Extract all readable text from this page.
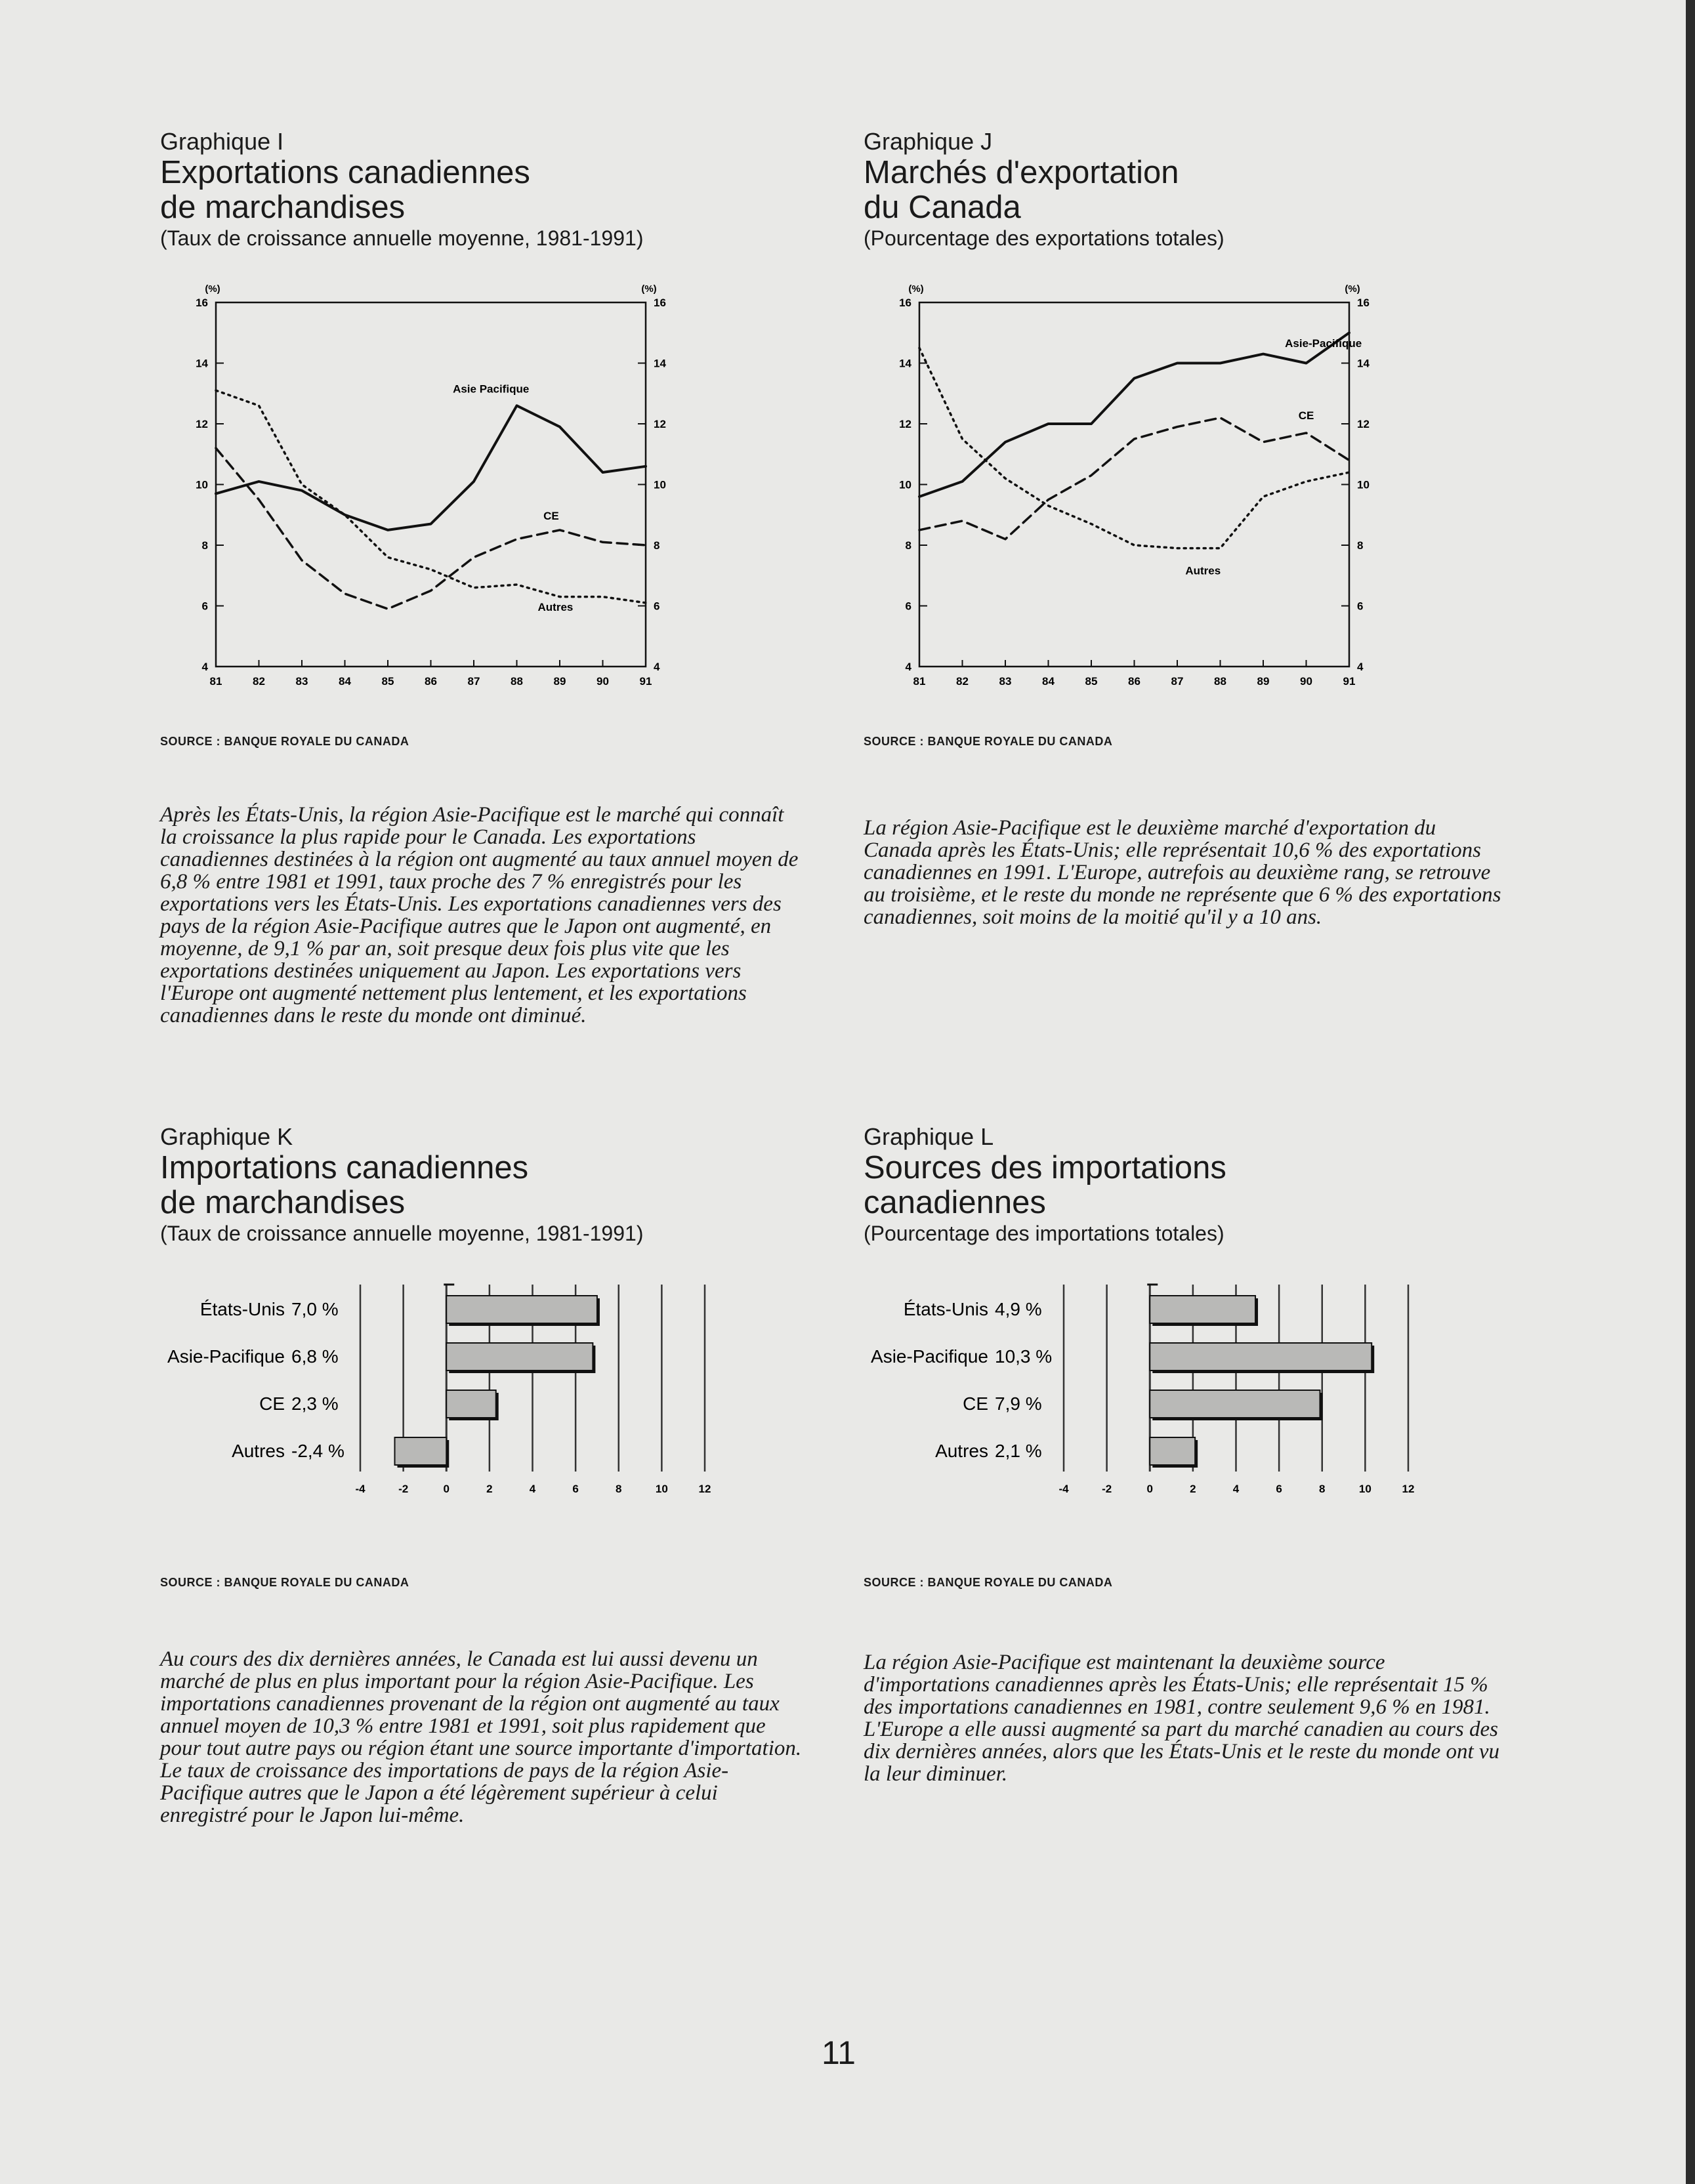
Graphique I
Exportations canadiennes
de marchandises

(Taux de croissance annuelle moyenne, 1981-1991)

(%)	(%)
4	4
6	6
8	8
10	10
12	12
14	14
16	16
81	82	83	84	85	86	87	88	89	90	91
Asie Pacifique
CE
Autres
SOURCE : BANQUE ROYALE DU CANADA

Après les États-Unis, la région Asie-Pacifique est le marché qui connaît la croissance la plus rapide pour le Canada. Les exportations canadiennes destinées à la région ont augmenté au taux annuel moyen de 6,8 % entre 1981 et 1991, taux proche des 7 % enregistrés pour les exportations vers les États-Unis. Les exportations canadiennes vers des pays de la région Asie-Pacifique autres que le Japon ont augmenté, en moyenne, de 9,1 % par an, soit presque deux fois plus vite que les exportations destinées uniquement au Japon. Les exportations vers l'Europe ont augmenté nettement plus lentement, et les exportations canadiennes dans le reste du monde ont diminué.

Graphique J
Marchés d'exportation
du Canada

(Pourcentage des exportations totales)

(%)	(%)
4	4
6	6
8	8
10	10
12	12
14	14
16	16
81	82	83	84	85	86	87	88	89	90	91
Asie-Pacifique
CE
Autres
SOURCE : BANQUE ROYALE DU CANADA

La région Asie-Pacifique est le deuxième marché d'exportation du Canada après les États-Unis; elle représentait 10,6 % des exportations canadiennes en 1991. L'Europe, autrefois au deuxième rang, se retrouve au troisième, et le reste du monde ne représente que 6 % des exportations canadiennes, soit moins de la moitié qu'il y a 10 ans.

Graphique K
Importations canadiennes
de marchandises

(Taux de croissance annuelle moyenne, 1981-1991)

-4	-2	0	2	4	6	8	10	12
États-Unis 7,0 %
Asie-Pacifique 6,8 %
CE 2,3 %
Autres -2,4 %
SOURCE : BANQUE ROYALE DU CANADA

Au cours des dix dernières années, le Canada est lui aussi devenu un marché de plus en plus important pour la région Asie-Pacifique. Les importations canadiennes provenant de la région ont augmenté au taux annuel moyen de 10,3 % entre 1981 et 1991, soit plus rapidement que pour tout autre pays ou région étant une source importante d'importation. Le taux de croissance des importations de pays de la région Asie-Pacifique autres que le Japon a été légèrement supérieur à celui enregistré pour le Japon lui-même.

Graphique L
Sources des importations
canadiennes

(Pourcentage des importations totales)

-4	-2	0	2	4	6	8	10	12
États-Unis 4,9 %
Asie-Pacifique 10,3 %
CE 7,9 %
Autres 2,1 %
SOURCE : BANQUE ROYALE DU CANADA

La région Asie-Pacifique est maintenant la deuxième source d'importations canadiennes après les États-Unis; elle représentait 15 % des importations canadiennes en 1981, contre seulement 9,6 % en 1981. L'Europe a elle aussi augmenté sa part du marché canadien au cours des dix dernières années, alors que les États-Unis et le reste du monde ont vu la leur diminuer.

11
